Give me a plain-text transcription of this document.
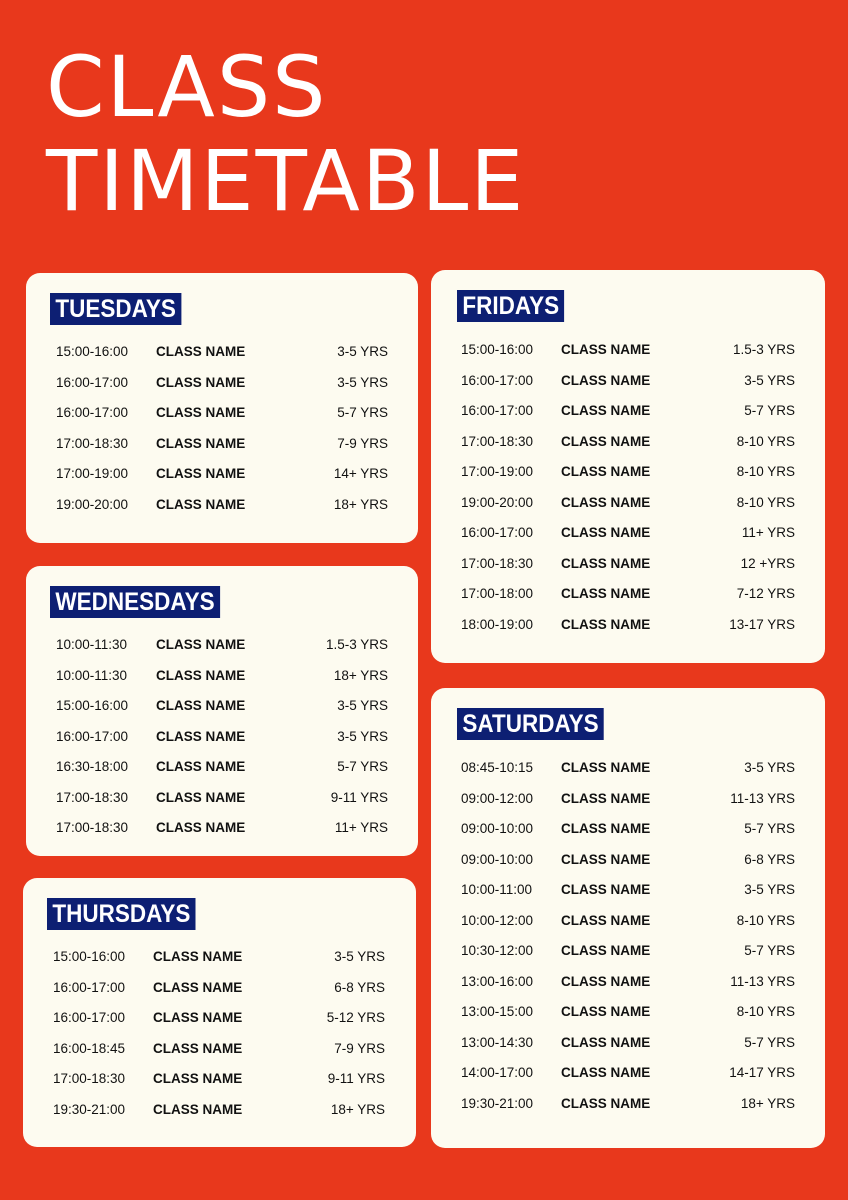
CLASS
TIMETABLE
TUESDAYS
15:00-16:00 CLASS NAME	3-5 YRS
16:00-17:00 CLASS NAME	3-5 YRS
16:00-17:00 CLASS NAME	5-7 YRS
17:00-18:30 CLASS NAME	7-9 YRS
17:00-19:00 CLASS NAME	14+ YRS
19:00-20:00 CLASS NAME	18+ YRS
WEDNESDAYS
10:00-11:30 CLASS NAME	1.5-3 YRS
10:00-11:30 CLASS NAME	18+ YRS
15:00-16:00 CLASS NAME	3-5 YRS
16:00-17:00 CLASS NAME	3-5 YRS
16:30-18:00 CLASS NAME	5-7 YRS
17:00-18:30 CLASS NAME	9-11 YRS
17:00-18:30 CLASS NAME	11+ YRS
THURSDAYS
15:00-16:00 CLASS NAME	3-5 YRS
16:00-17:00 CLASS NAME	6-8 YRS
16:00-17:00 CLASS NAME	5-12 YRS
16:00-18:45 CLASS NAME	7-9 YRS
17:00-18:30 CLASS NAME	9-11 YRS
19:30-21:00 CLASS NAME	18+ YRS
FRIDAYS
15:00-16:00 CLASS NAME	1.5-3 YRS
16:00-17:00 CLASS NAME	3-5 YRS
16:00-17:00 CLASS NAME	5-7 YRS
17:00-18:30 CLASS NAME	8-10 YRS
17:00-19:00 CLASS NAME	8-10 YRS
19:00-20:00 CLASS NAME	8-10 YRS
16:00-17:00 CLASS NAME	11+ YRS
17:00-18:30 CLASS NAME	12 +YRS
17:00-18:00 CLASS NAME	7-12 YRS
18:00-19:00 CLASS NAME	13-17 YRS
SATURDAYS
08:45-10:15 CLASS NAME	3-5 YRS
09:00-12:00 CLASS NAME	11-13 YRS
09:00-10:00 CLASS NAME	5-7 YRS
09:00-10:00 CLASS NAME	6-8 YRS
10:00-11:00 CLASS NAME	3-5 YRS
10:00-12:00 CLASS NAME	8-10 YRS
10:30-12:00 CLASS NAME	5-7 YRS
13:00-16:00 CLASS NAME	11-13 YRS
13:00-15:00 CLASS NAME	8-10 YRS
13:00-14:30 CLASS NAME	5-7 YRS
14:00-17:00 CLASS NAME	14-17 YRS
19:30-21:00 CLASS NAME	18+ YRS
